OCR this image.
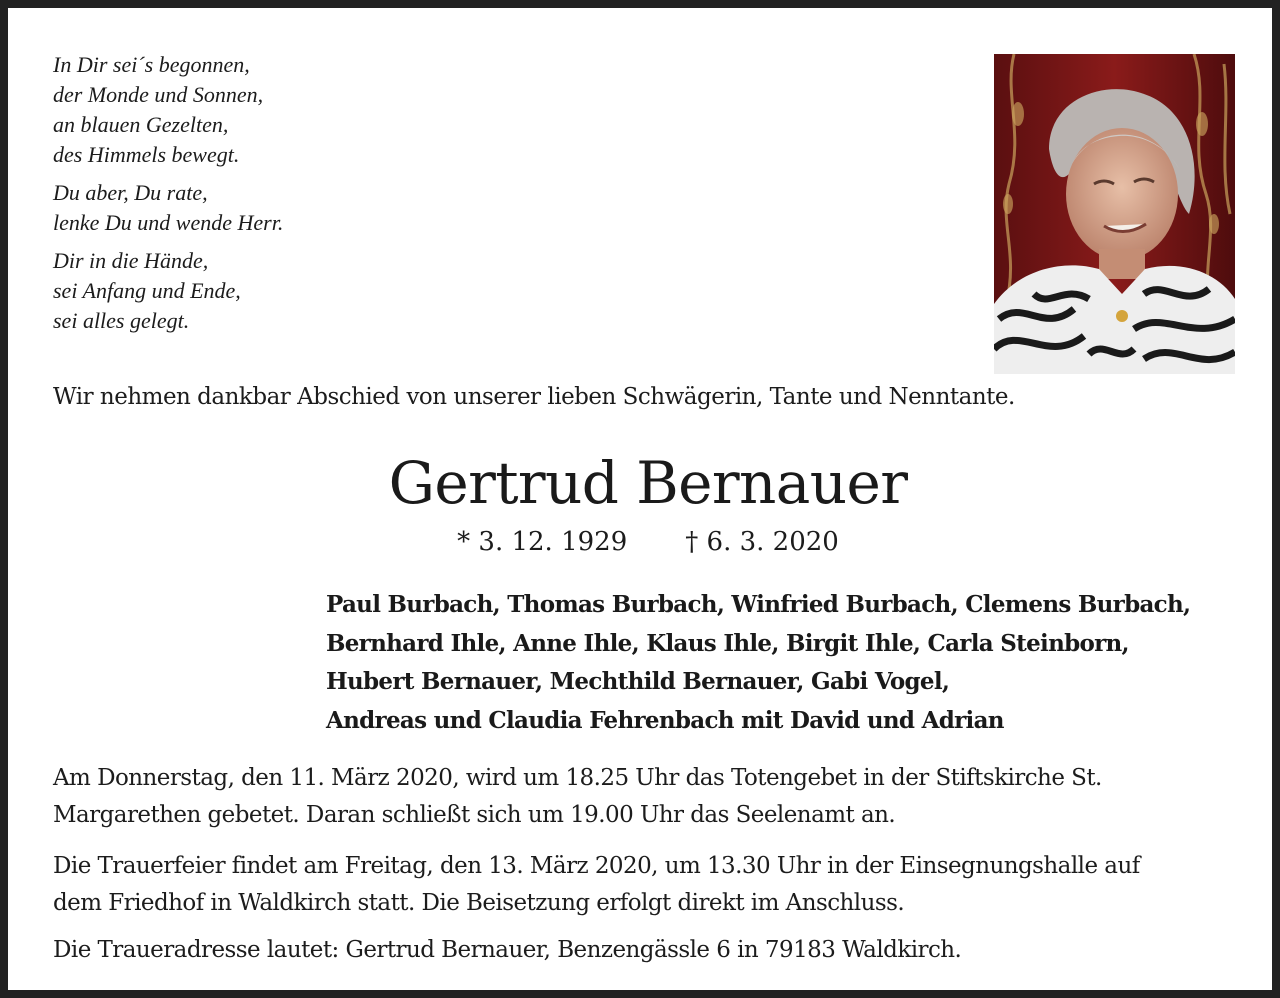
In Dir sei´s begonnen,
der Monde und Sonnen,
an blauen Gezelten,
des Himmels bewegt.
Du aber, Du rate,
lenke Du und wende Herr.
Dir in die Hände,
sei Anfang und Ende,
sei alles gelegt.
Wir nehmen dankbar Abschied von unserer lieben Schwägerin, Tante und Nenntante.
Gertrud Bernauer
* 3. 12. 1929 † 6. 3. 2020
Paul Burbach, Thomas Burbach, Winfried Burbach, Clemens Burbach,
Bernhard Ihle, Anne Ihle, Klaus Ihle, Birgit Ihle, Carla Steinborn,
Hubert Bernauer, Mechthild Bernauer, Gabi Vogel,
Andreas und Claudia Fehrenbach mit David und Adrian
Am Donnerstag, den 11. März 2020, wird um 18.25 Uhr das Totengebet in der Stiftskirche St.
Margarethen gebetet. Daran schließt sich um 19.00 Uhr das Seelenamt an.
Die Trauerfeier findet am Freitag, den 13. März 2020, um 13.30 Uhr in der Einsegnungshalle auf
dem Friedhof in Waldkirch statt. Die Beisetzung erfolgt direkt im Anschluss.
Die Traueradresse lautet: Gertrud Bernauer, Benzengässle 6 in 79183 Waldkirch.
